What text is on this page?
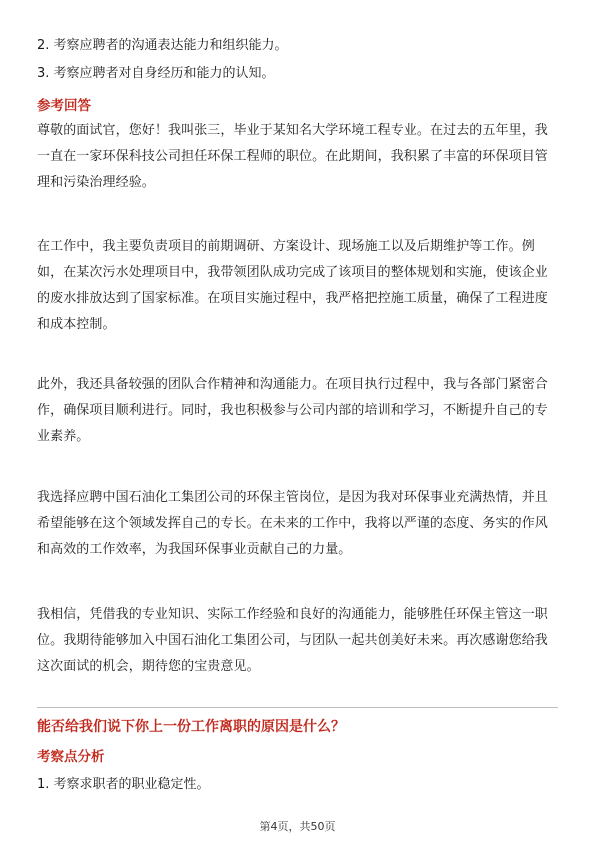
2. 考察应聘者的沟通表达能力和组织能力。

3. 考察应聘者对自身经历和能力的认知。

参考回答

尊敬的面试官，您好！我叫张三，毕业于某知名大学环境工程专业。在过去的五年里，我一直在一家环保科技公司担任环保工程师的职位。在此期间，我积累了丰富的环保项目管理和污染治理经验。

在工作中，我主要负责项目的前期调研、方案设计、现场施工以及后期维护等工作。例如，在某次污水处理项目中，我带领团队成功完成了该项目的整体规划和实施，使该企业的废水排放达到了国家标准。在项目实施过程中，我严格把控施工质量，确保了工程进度和成本控制。

此外，我还具备较强的团队合作精神和沟通能力。在项目执行过程中，我与各部门紧密合作，确保项目顺利进行。同时，我也积极参与公司内部的培训和学习，不断提升自己的专业素养。

我选择应聘中国石油化工集团公司的环保主管岗位，是因为我对环保事业充满热情，并且希望能够在这个领域发挥自己的专长。在未来的工作中，我将以严谨的态度、务实的作风和高效的工作效率，为我国环保事业贡献自己的力量。

我相信，凭借我的专业知识、实际工作经验和良好的沟通能力，能够胜任环保主管这一职位。我期待能够加入中国石油化工集团公司，与团队一起共创美好未来。再次感谢您给我这次面试的机会，期待您的宝贵意见。

能否给我们说下你上一份工作离职的原因是什么？

考察点分析

1. 考察求职者的职业稳定性。

第4页，共50页
